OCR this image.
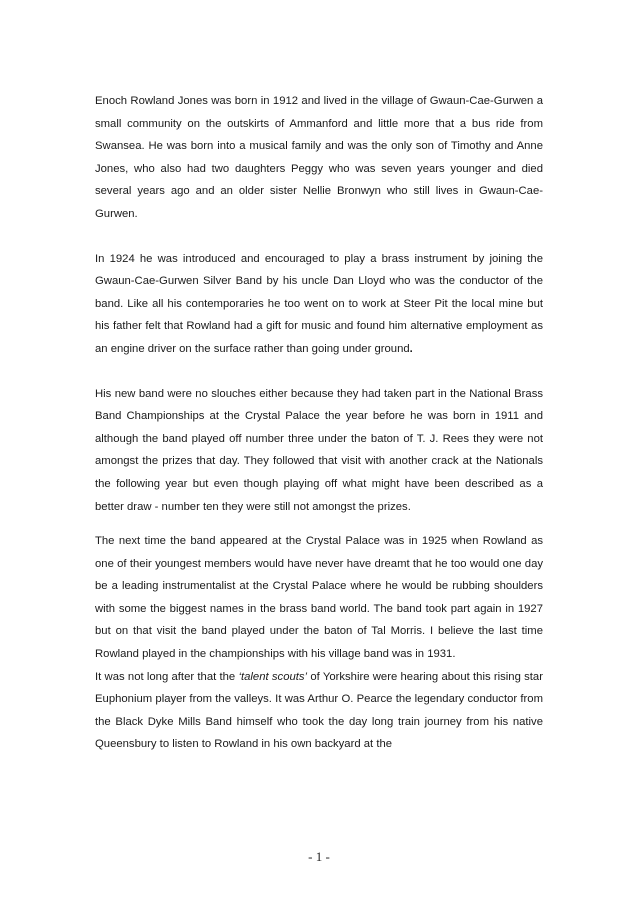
Enoch Rowland Jones was born in 1912 and lived in the village of Gwaun-Cae-Gurwen a small community on the outskirts of Ammanford and little more that a bus ride from Swansea. He was born into a musical family and was the only son of Timothy and Anne Jones, who also had two daughters Peggy who was seven years younger and died several years ago and an older sister Nellie Bronwyn who still lives in Gwaun-Cae-Gurwen.

In 1924 he was introduced and encouraged to play a brass instrument by joining the Gwaun-Cae-Gurwen Silver Band by his uncle Dan Lloyd who was the conductor of the band. Like all his contemporaries he too went on to work at Steer Pit the local mine but his father felt that Rowland had a gift for music and found him alternative employment as an engine driver on the surface rather than going under ground.

His new band were no slouches either because they had taken part in the National Brass Band Championships at the Crystal Palace the year before he was born in 1911 and although the band played off number three under the baton of T. J. Rees they were not amongst the prizes that day. They followed that visit with another crack at the Nationals the following year but even though playing off what might have been described as a better draw - number ten they were still not amongst the prizes.

The next time the band appeared at the Crystal Palace was in 1925 when Rowland as one of their youngest members would have never have dreamt that he too would one day be a leading instrumentalist at the Crystal Palace where he would be rubbing shoulders with some the biggest names in the brass band world. The band took part again in 1927 but on that visit the band played under the baton of Tal Morris. I believe the last time Rowland played in the championships with his village band was in 1931.

It was not long after that the ‘talent scouts’ of Yorkshire were hearing about this rising star Euphonium player from the valleys. It was Arthur O. Pearce the legendary conductor from the Black Dyke Mills Band himself who took the day long train journey from his native Queensbury to listen to Rowland in his own backyard at the

- 1 -
